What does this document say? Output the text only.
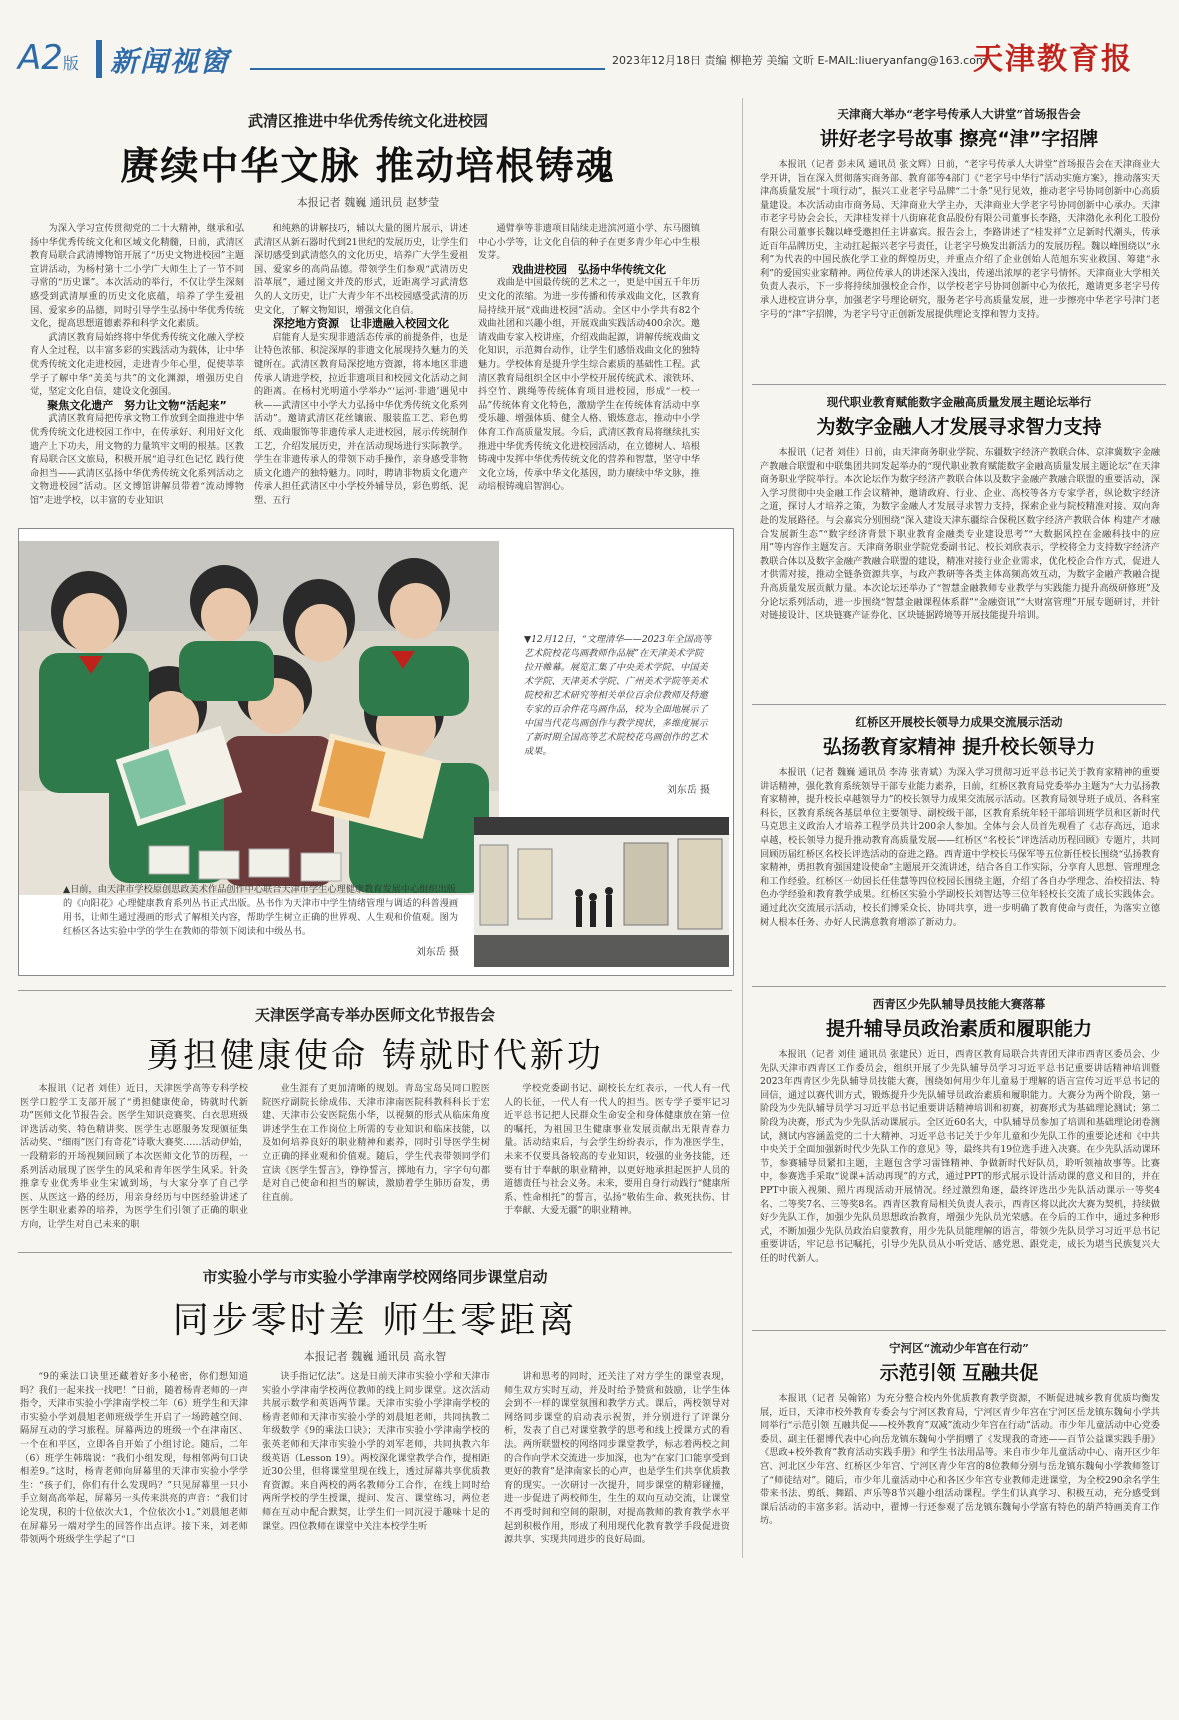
A2版 新闻视窗	2023年12月18日 责编 柳艳芳 美编 文昕 E-MAIL:liueryanfang@163.com
天津教育报
武清区推进中华优秀传统文化进校园
赓续中华文脉 推动培根铸魂
本报记者 魏巍 通讯员 赵梦莹

为深入学习宣传贯彻党的二十大精神，继承和弘扬中华优秀传统文化和区域文化精髓，日前，武清区教育局联合武清博物馆开展了“历史文物进校园”主题宣讲活动，为杨村第十二小学广大师生上了一节不同寻常的“历史课”。本次活动的举行，不仅让学生深刻感受到武清厚重的历史文化底蕴，培养了学生爱祖国、爱家乡的品德，同时引导学生弘扬中华优秀传统文化，提高思想道德素养和科学文化素质。

武清区教育局始终将中华优秀传统文化融入学校育人全过程，以丰富多彩的实践活动为载体，让中华优秀传统文化走进校园，走进青少年心里，促使莘莘学子了解中华“美美与共”的文化渊源，增强历史自觉，坚定文化自信，建设文化强国。

聚焦文化遗产　努力让文物“活起来”

武清区教育局把传承文物工作放到全面推进中华优秀传统文化进校园工作中，在传承好、利用好文化遗产上下功夫，用文物的力量筑牢文明的根基。区教育局联合区文旅局，积极开展“追寻红色记忆 践行使命担当——武清区弘扬中华优秀传统文化系列活动之文物进校园”活动。区文博馆讲解员带着“流动博物馆”走进学校，以丰富的专业知识

和纯熟的讲解技巧，辅以大量的图片展示，讲述武清区从新石器时代到21世纪的发展历史，让学生们深切感受到武清悠久的文化历史，培养广大学生爱祖国、爱家乡的高尚品德。带领学生们参观“武清历史沿革展”，通过图文并茂的形式，近距离学习武清悠久的人文历史，让广大青少年不出校园感受武清的历史文化，了解文物知识，增强文化自信。

深挖地方资源　让非遗融入校园文化

启能育人是实现非遗活态传承的前提条件，也是让特色浓郁、积淀深厚的非遗文化展现持久魅力的关键所在。武清区教育局深挖地方资源，将本地区非遗传承人请进学校，拉近非遗项目和校园文化活动之间的距离。在杨村光明道小学举办“‘运河·非遗’遇见中秋——武清区中小学大力弘扬中华优秀传统文化系列活动”。邀请武清区花丝镶嵌、服装监工艺、彩色剪纸、戏曲服饰等非遗传承人走进校园，展示传统制作工艺，介绍发展历史，并在活动现场进行实际教学。学生在非遗传承人的带领下动手操作，亲身感受非物质文化遗产的独特魅力。同时，聘请非物质文化遗产传承人担任武清区中小学校外辅导员，彩色剪纸、泥塑、五行

通臂拳等非遗项目陆续走进滨河道小学、东马圈镇中心小学等，让文化自信的种子在更多青少年心中生根发芽。

戏曲进校园　弘扬中华传统文化

戏曲是中国最传统的艺术之一，更是中国五千年历史文化的浓缩。为进一步传播和传承戏曲文化，区教育局持续开展“戏曲进校园”活动。全区中小学共有82个戏曲社团和兴趣小组，开展戏曲实践活动400余次。邀请戏曲专家入校讲座，介绍戏曲起源，讲解传统戏曲文化知识，示范舞台动作，让学生们感悟戏曲文化的独特魅力。学校体育是提升学生综合素质的基础性工程。武清区教育局组织全区中小学校开展传统武术、滚铁环、抖空竹、跳绳等传统体育项目进校园，形成“一校一品”传统体育文化特色，激励学生在传统体育活动中享受乐趣、增强体质、健全人格、锻炼意志，推动中小学体育工作高质量发展。今后，武清区教育局将继续扎实推进中华优秀传统文化进校园活动，在立德树人、培根铸魂中发挥中华优秀传统文化的营养和智慧，坚守中华文化立场，传承中华文化基因，助力赓续中华文脉，推动培根铸魂启智润心。

▼12月12日，“文理清华——2023年全国高等艺术院校花鸟画教师作品展”在天津美术学院拉开帷幕。展览汇集了中央美术学院、中国美术学院、天津美术学院、广州美术学院等美术院校和艺术研究等相关单位百余位教师及特邀专家的百余件花鸟画作品，较为全面地展示了中国当代花鸟画创作与教学现状，多维度展示了新时期全国高等艺术院校花鸟画创作的艺术成果。
刘东岳 摄
▲日前，由天津市学校原创思政美术作品创作中心联合天津市学生心理健康教育发展中心组织出版的《向阳花》心理健康教育系列丛书正式出版。丛书作为天津市中学生情绪管理与调适的科普漫画用书，让师生通过漫画的形式了解相关内容，帮助学生树立正确的世界观、人生观和价值观。图为红桥区各达实验中学的学生在教师的带领下阅读和中级丛书。
刘东岳 摄
天津医学高专举办医师文化节报告会
勇担健康使命 铸就时代新功

本报讯（记者 刘佳）近日，天津医学高等专科学校医学口腔学工支部开展了“勇担健康使命，铸就时代新功”医师文化节报告会。医学生知识竞赛奖、白衣思班级评选活动奖、特色精讲奖、医学生志愿服务发现颁征集活动奖、“细雨”医门有奇花”诗歌大赛奖……活动伊始，一段精彩的开场视频回顾了本次医师文化节的历程，一系列活动展现了医学生的风采和青年医学生风采。针灸推拿专业优秀毕业生宋诚到场，与大家分享了自己学医、从医这一路的经历，用亲身经历与中医经验讲述了医学生职业素养的培养，为医学生们引领了正确的职业方向，让学生对自己未来的职

业生涯有了更加清晰的规划。青岛宝岛吴同口腔医院医疗副院长徐成伟、天津市津南医院科教科科长于宏建、天津市公安医院焦小华，以视频的形式从临床角度讲述学生在工作岗位上所需的专业知识和临床技能，以及如何培养良好的职业精神和素养，同时引导医学生树立正确的择业观和价值观。随后，学生代表带领同学们宣读《医学生誓言》，铮铮誓言，掷地有力，字字句句都是对自己使命和担当的解读，激励着学生肺历奋发，勇往直前。

学校党委副书记、副校长左红表示，一代人有一代人的长征，一代人有一代人的担当。医专学子要牢记习近平总书记把人民群众生命安全和身体健康放在第一位的嘱托，为祖国卫生健康事业发展贡献出无限青春力量。活动结束后，与会学生纷纷表示，作为准医学生，未来不仅要具备较高的专业知识，较强的业务技能，还要有甘于奉献的职业精神，以更好地承担起医护人员的道德责任与社会义务。未来，要用自身行动践行“健康所系、性命相托”的誓言，弘扬“敬佑生命、救死扶伤、甘于奉献、大爱无疆”的职业精神。

市实验小学与市实验小学津南学校网络同步课堂启动
同步零时差 师生零距离
本报记者 魏巍 通讯员 高永智

“9的乘法口诀里还藏着好多小秘密，你们想知道吗？我们一起来找一找吧！”日前，随着杨青老师的一声指令，天津市实验小学津南学校二年（6）班学生和天津市实验小学刘晨旭老师班级学生开启了一场跨越空间、隔屏互动的学习旅程。屏幕两边的班级一个在津南区、一个在和平区，立即各自开始了小组讨论。随后，二年（6）班学生韩瑞说：“我们小组发现，每相邻两句口诀相差9。”这时，杨青老师向屏幕里的天津市实验小学学生：“孩子们，你们有什么发现吗？”只见屏幕里一只小手立刻高高举起，屏幕另一头传来洪亮的声音：“我们讨论发现，积的十位依次大1，个位依次小1。”刘晨旭老师在屏幕另一端对学生的回答作出点评。接下来，刘老师带领两个班级学生学起了“口

诀手指记忆法”。这是日前天津市实验小学和天津市实验小学津南学校两位教师的线上同步课堂。这次活动共展示数学和英语两节课。天津市实验小学津南学校的杨青老师和天津市实验小学的刘晨旭老师，共同执教二年级数学《9的乘法口诀》；天津市实验小学津南学校的张英老师和天津市实验小学的刘军老师，共同执教六年级英语（Lesson 19）。两校深化课堂教学合作，提相距近30公里，但将课堂里现在线上，透过屏幕共享优质教育资源。来自两校的两名教师分工合作，在线上同时给两所学校的学生授课，提问、发言、课堂练习，两位老师在互动中配合默契，让学生们一同沉浸于趣味十足的课堂。四位教师在课堂中关注本校学生听

讲和思考的同时，还关注了对方学生的课堂表现，师生双方实时互动，并及时给予赞赏和鼓励，让学生体会到不一样的课堂氛围和教学方式。课后，两校领导对网络同步课堂的启动表示祝贺，并分别进行了评课分析，发表了自己对课堂教学的思考和线上授课方式的看法。两所联盟校的网络同步课堂教学，标志着两校之间的合作向学术交流进一步加深，也为“在家门口能享受到更好的教育”是津南家长的心声，也是学生们共享优质教育的现实。一次研讨一次提升，同步课堂的精彩碰撞，进一步促进了两校师生，生生的双向互动交流，让课堂不再受时间和空间的限制，对提高教师的教育教学水平起到积极作用，形成了利用现代化教育教学手段促进资源共享、实现共同进步的良好局面。

天津商大举办“老字号传承人大讲堂”首场报告会
讲好老字号故事 擦亮“津”字招牌

本报讯（记者 彭未风 通讯员 张文辉）日前，“老字号传承人大讲堂”首场报告会在天津商业大学开讲，旨在深入贯彻落实商务部、教育部等4部门《“老字号中华行”活动实施方案》，推动落实天津高质量发展“十项行动”，振兴工业老字号品牌“二十条”见行见效，推动老字号协同创新中心高质量建设。本次活动由市商务局、天津商业大学主办，天津商业大学老字号协同创新中心承办。天津市老字号协会会长，天津桂发祥十八街麻花食品股份有限公司董事长李路，天津渤化永利化工股份有限公司董事长魏以峰受邀担任主讲嘉宾。报告会上，李路讲述了“桂发祥”立足新时代潮头，传承近百年品牌历史，主动扛起振兴老字号责任，让老字号焕发出新活力的发展历程。魏以峰围绕以“永利”为代表的中国民族化学工业的辉煌历史，并重点介绍了企业创始人范旭东实业救国、筹建“永利”的爱国实业家精神。两位传承人的讲述深入浅出，传递出浓厚的老字号情怀。天津商业大学相关负责人表示，下一步将持续加强校企合作，以学校老字号协同创新中心为依托，邀请更多老字号传承人进校宣讲分享，加强老字号理论研究，服务老字号高质量发展，进一步擦亮中华老字号津门老字号的“津”字招牌，为老字号守正创新发展提供理论支撑和智力支持。

现代职业教育赋能数字金融高质量发展主题论坛举行
为数字金融人才发展寻求智力支持

本报讯（记者 刘佳）日前，由天津商务职业学院、东疆数字经济产教联合体、京津冀数字金融产教融合联盟和中联集团共同发起举办的“现代职业教育赋能数字金融高质量发展主题论坛”在天津商务职业学院举行。本次论坛作为数字经济产教联合体以及数字金融产教融合联盟的重要活动，深入学习贯彻中央金融工作会议精神，邀请政府、行业、企业、高校等各方专家学者，纵论数字经济之道，探讨人才培养之策，为数字金融人才发展寻求智力支持，探索企业与院校精准对接、双向奔赴的发展路径。与会嘉宾分别围绕“深入建设天津东疆综合保税区数字经济产教联合体 构建产才融合发展新生态”“数字经济背景下职业教育金融类专业建设思考”“大数据风控在金融科技中的应用”等内容作主题发言。天津商务职业学院党委副书记、校长刘欣表示，学校将全力支持数字经济产教联合体以及数字金融产教融合联盟的建设，精准对接行业企业需求，优化校企合作方式，促进人才供需对接，推动全链条资源共享，与政产教研等各类主体高频高效互动，为数字金融产教融合提升高质量发展贡献力量。本次论坛还举办了“智慧金融教师专业教学与实践能力提升高级研修班”及分论坛系列活动，进一步围绕“智慧金融课程体系群”“金融资讯”“大财富管理”开展专题研讨，并针对链接设计、区块链赛产证券化、区块链据跨境等开展技能提升培训。

红桥区开展校长领导力成果交流展示活动
弘扬教育家精神 提升校长领导力

本报讯（记者 魏巍 通讯员 李涛 张青斌）为深入学习贯彻习近平总书记关于教育家精神的重要讲话精神，强化教育系统领导干部专业能力素养，日前，红桥区教育局党委举办主题为“大力弘扬教育家精神，提升校长卓越领导力”的校长领导力成果交流展示活动。区教育局领导班子成员、各科室科长，区教育系统各基层单位主要领导、副校级干部，区教育系统年轻干部培训班学员和区新时代马克思主义政治人才培养工程学员共计200余人参加。全体与会人员首先观看了《志存高远，追求卓越，校长领导力提升推动教育高质量发展——红桥区“名校长”评选活动历程回顾》专题片，共同回顾历届红桥区名校长评选活动的奋进之路。西青道中学校长马保军等五位新任校长围绕“弘扬教育家精神，勇担教育强国建设使命”主题展开交流讲述，结合各自工作实际，分享育人思想、管理理念和工作经验。红桥区一幼园长任佳慧等四位校园长围绕主题，介绍了各自办学理念、治校招法、特色办学经验和教育教学成果。红桥区实验小学副校长刘智达等三位年轻校长交流了成长实践体会。通过此次交流展示活动，校长们博采众长、协同共享，进一步明确了教育使命与责任，为落实立德树人根本任务、办好人民满意教育增添了新动力。

西青区少先队辅导员技能大赛落幕
提升辅导员政治素质和履职能力

本报讯（记者 刘佳 通讯员 张建民）近日，西青区教育局联合共青团天津市西青区委员会、少先队天津市西青区工作委员会，组织开展了少先队辅导员学习习近平总书记重要讲话精神培训暨2023年西青区少先队辅导员技能大赛，围绕如何用少年儿童易于理解的语言宣传习近平总书记的回信，通过以赛代训方式，锻炼提升少先队辅导员政治素质和履职能力。大赛分为两个阶段，第一阶段为少先队辅导员学习习近平总书记重要讲话精神培训和初赛，初赛形式为基础理论测试；第二阶段为决赛，形式为少先队活动课展示。全区近60名大，中队辅导员参加了培训和基础理论闭卷测试，测试内容涵盖党的二十大精神、习近平总书记关于少年儿童和少先队工作的重要论述和《中共中央关于全面加强新时代少先队工作的意见》等，最终共有19位选手进入决赛。在少先队活动课环节，参赛辅导员紧扣主题，主题包含学习雷锋精神、争做新时代好队员，聆听领袖故事等。比赛中，参赛选手采取“说课+活动再现”的方式，通过PPT的形式展示设计活动课的意义和目的，并在PPT中嵌入视频、照片再现活动开展情况。经过激烈角逐，最终评选出少先队活动课示一等奖4名、二等奖7名、三等奖8名。西青区教育局相关负责人表示，西青区将以此次大赛为契机，持续做好少先队工作，加强少先队员思想政治教育，增强少先队员光荣感。在今后的工作中，通过多种形式，不断加强少先队员政治启蒙教育，用少先队员能理解的语言，带领少先队员学习习近平总书记重要讲话，牢记总书记嘱托，引导少先队员从小听党话、感党恩、跟党走，成长为堪当民族复兴大任的时代新人。

宁河区“流动少年宫在行动”
示范引领 互融共促

本报讯（记者 吴翰铭）为充分整合校内外优质教育教学资源，不断促进城乡教育优质均衡发展，近日，天津市校外教育专委会与宁河区教育局，宁河区青少年宫在宁河区岳龙镇东魏甸小学共同举行“示范引领 互融共促——校外教育”双减”流动少年宫在行动”活动。市少年儿童活动中心党委委员、副主任翟博代表中心向岳龙镇东魏甸小学捐赠了《发现我的奇迹——百节公益课实践手册》《思政+校外教育”教育活动实践手册》和学生书法用品等。来自市少年儿童活动中心、南开区少年宫、河北区少年宫、红桥区少年宫、宁河区青少年宫的8位教师分别与岳龙镇东魏甸小学教师签订了“师徒结对”。随后，市少年儿童活动中心和各区少年宫专业教师走进课堂，为全校290余名学生带来书法、剪纸、舞蹈、声乐等8节兴趣小组活动课程。学生们认真学习、积极互动，充分感受到课后活动的丰富多彩。活动中，翟博一行还参观了岳龙镇东魏甸小学富有特色的葫芦特画美育工作坊。
